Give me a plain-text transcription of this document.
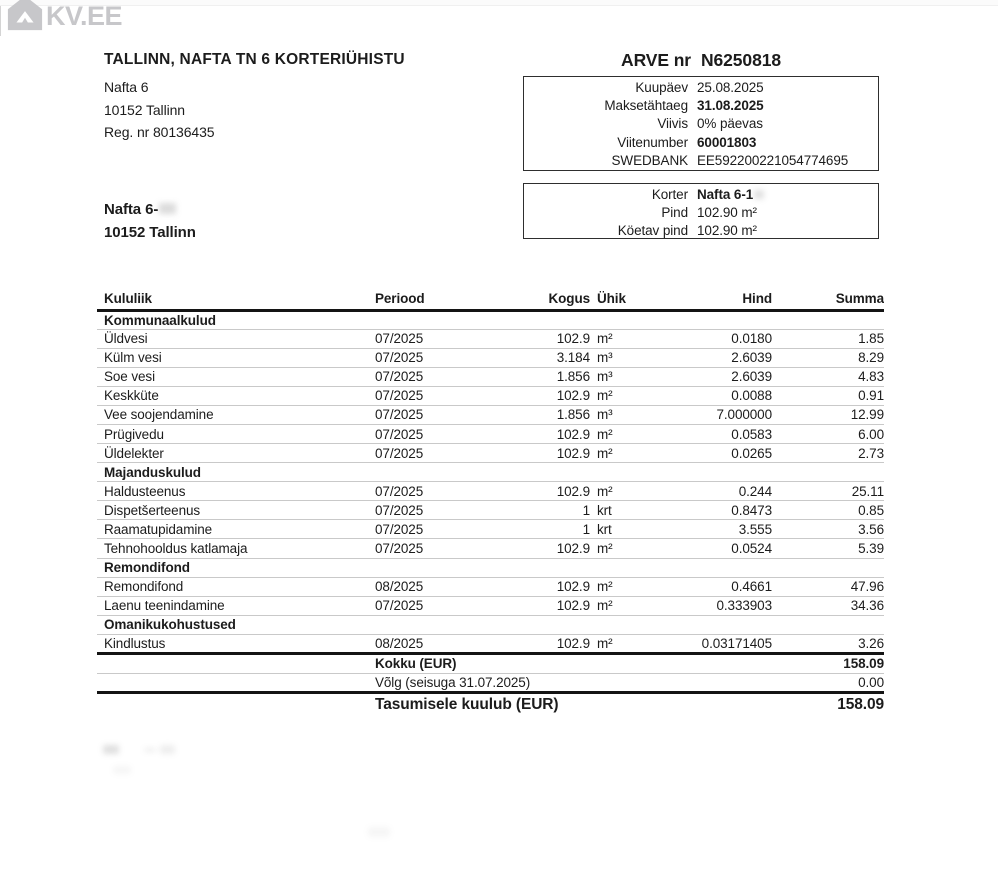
KV.EE
TALLINN, NAFTA TN 6 KORTERIÜHISTU
Nafta 6
10152 Tallinn
Reg. nr 80136435
ARVE nr N6250818
Kuupäev 25.08.2025
Maksetähtaeg 31.08.2025
Viivis 0% päevas
Viitenumber 60001803
SWEDBANK EE592200221054774695
Korter Nafta 6-1
Pind 102.90 m²
Köetav pind 102.90 m²
Nafta 6-
10152 Tallinn
Kululiik	Periood	Kogus	Ühik	Hind	Summa
Kommunaalkulud					
Üldvesi	07/2025	102.9	m²	0.0180	1.85
Külm vesi	07/2025	3.184	m³	2.6039	8.29
Soe vesi	07/2025	1.856	m³	2.6039	4.83
Keskküte	07/2025	102.9	m²	0.0088	0.91
Vee soojendamine	07/2025	1.856	m³	7.000000	12.99
Prügivedu	07/2025	102.9	m²	0.0583	6.00
Üldelekter	07/2025	102.9	m²	0.0265	2.73
Majanduskulud					
Haldusteenus	07/2025	102.9	m²	0.244	25.11
Dispetšerteenus	07/2025	1	krt	0.8473	0.85
Raamatupidamine	07/2025	1	krt	3.555	3.56
Tehnohooldus katlamaja	07/2025	102.9	m²	0.0524	5.39
Remondifond					
Remondifond	08/2025	102.9	m²	0.4661	47.96
Laenu teenindamine	07/2025	102.9	m²	0.333903	34.36
Omanikukohustused					
Kindlustus	08/2025	102.9	m²	0.03171405	3.26
	Kokku (EUR)				158.09
	Võlg (seisuga 31.07.2025)				0.00
	Tasumisele kuulub (EUR)				158.09
